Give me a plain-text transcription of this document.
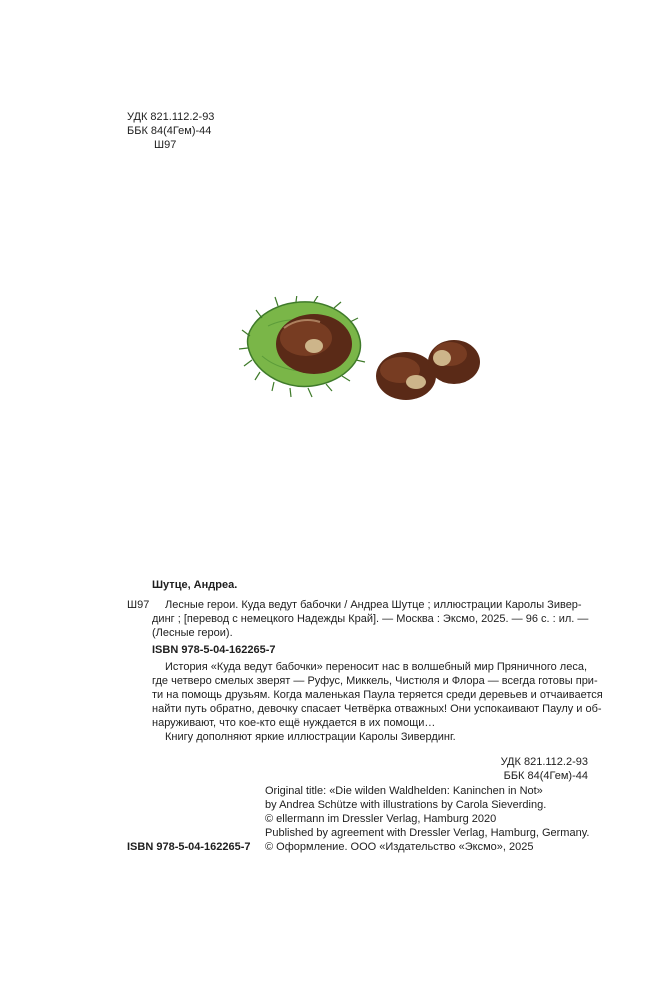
УДК 821.112.2-93
ББК 84(4Гем)-44
Ш97
Шутце, Андреа.
Ш97 Лесные герои. Куда ведут бабочки / Андреа Шутце ; иллюстрации Каролы Зивер-
динг ; [перевод с немецкого Надежды Край]. — Москва : Эксмо, 2025. — 96 с. : ил. —
(Лесные герои).
ISBN 978-5-04-162265-7
История «Куда ведут бабочки» переносит нас в волшебный мир Пряничного леса,
где четверо смелых зверят — Руфус, Миккель, Чистюля и Флора — всегда готовы при-
ти на помощь друзьям. Когда маленькая Паула теряется среди деревьев и отчаивается
найти путь обратно, девочку спасает Четвёрка отважных! Они успокаивают Паулу и об-
наруживают, что кое-кто ещё нуждается в их помощи…
Книгу дополняют яркие иллюстрации Каролы Зивердинг.
УДК 821.112.2-93
ББК 84(4Гем)-44
Original title: «Die wilden Waldhelden: Kaninchen in Not»
by Andrea Schütze with illustrations by Carola Sieverding.
© ellermann im Dressler Verlag, Hamburg 2020
Published by agreement with Dressler Verlag, Hamburg, Germany.
© Оформление. ООО «Издательство «Эксмо», 2025
ISBN 978-5-04-162265-7
